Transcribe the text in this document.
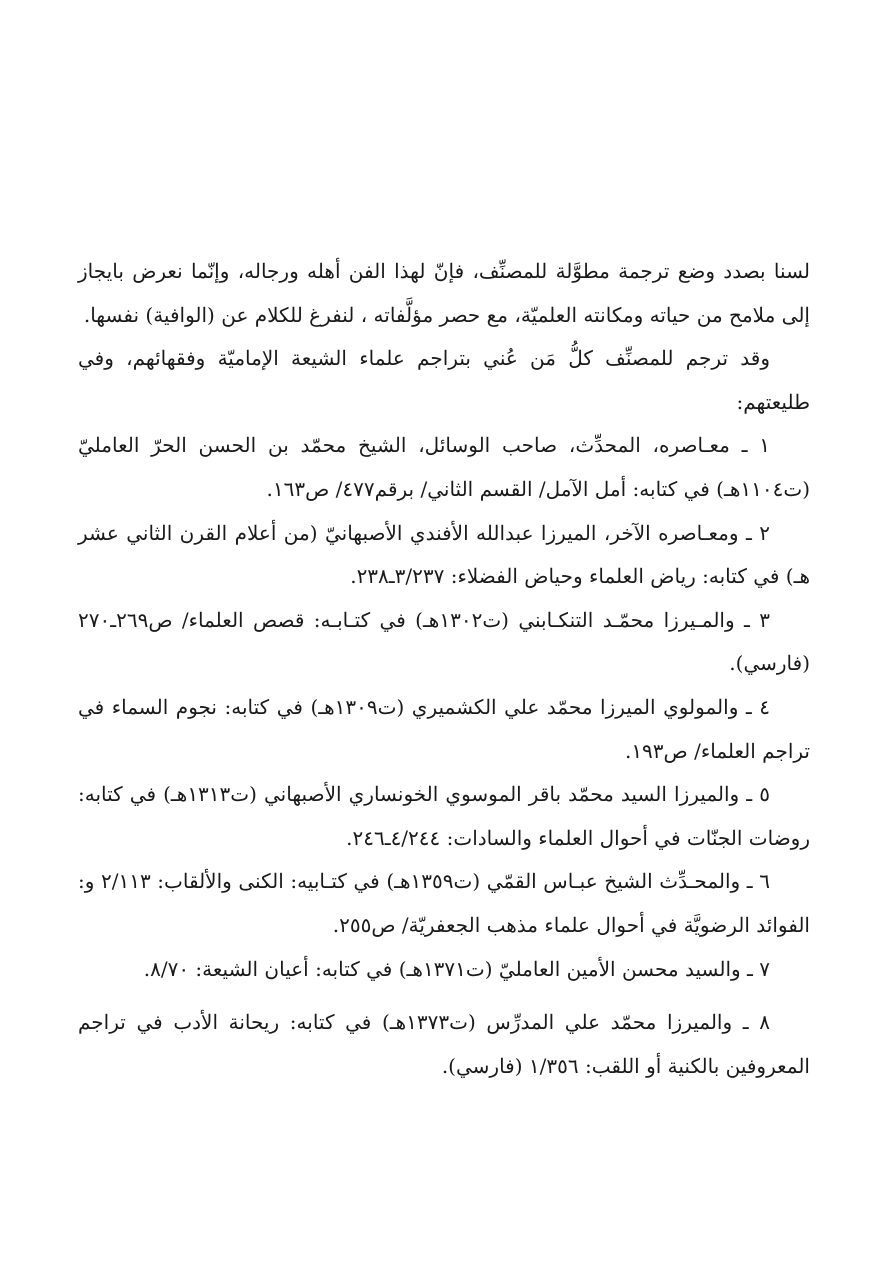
لسنا بصدد وضع ترجمة مطوَّلة للمصنِّف، فإنّ لهذا الفن أهله ورجاله، وإنّما نعرض بايجاز إلى ملامح من حياته ومكانته العلميّة، مع حصر مؤلَّفاته ، لنفرغ للكلام عن (الوافية) نفسها.

وقد ترجم للمصنِّف كلُّ مَن عُني بتراجم علماء الشيعة الإماميّة وفقهائهم، وفي طليعتهم:

١ ـ معـاصره، المحدِّث، صاحب الوسائل، الشيخ محمّد بن الحسن الحرّ العامليّ (ت١١٠٤هـ) في كتابه: أمل الآمل/ القسم الثاني/ برقم٤٧٧/ ص١٦٣.

٢ ـ ومعـاصره الآخر، الميرزا عبدالله الأفندي الأصبهانيّ (من أعلام القرن الثاني عشر هـ) في كتابه: رياض العلماء وحياض الفضلاء: ٣/٢٣٧ـ٢٣٨.

٣ ـ والمـيرزا محمّـد التنكـابني (ت١٣٠٢هـ) في كتـابـه: قصص العلماء/ ص٢٦٩ـ٢٧٠ (فارسي).

٤ ـ والمولوي الميرزا محمّد علي الكشميري (ت١٣٠٩هـ) في كتابه: نجوم السماء في تراجم العلماء/ ص١٩٣.

٥ ـ والميرزا السيد محمّد باقر الموسوي الخونساري الأصبهاني (ت١٣١٣هـ) في كتابه: روضات الجنّات في أحوال العلماء والسادات: ٤/٢٤٤ـ٢٤٦.

٦ ـ والمحـدِّث الشيخ عبـاس القمّي (ت١٣٥٩هـ) في كتـابيه: الكنى والألقاب: ٢/١١٣ و: الفوائد الرضويَّة في أحوال علماء مذهب الجعفريّة/ ص٢٥٥.

٧ ـ والسيد محسن الأمين العامليّ (ت١٣٧١هـ) في كتابه: أعيان الشيعة: ٨/٧٠.

٨ ـ والميرزا محمّد علي المدرِّس (ت١٣٧٣هـ) في كتابه: ريحانة الأدب في تراجم المعروفين بالكنية أو اللقب: ١/٣٥٦ (فارسي).
